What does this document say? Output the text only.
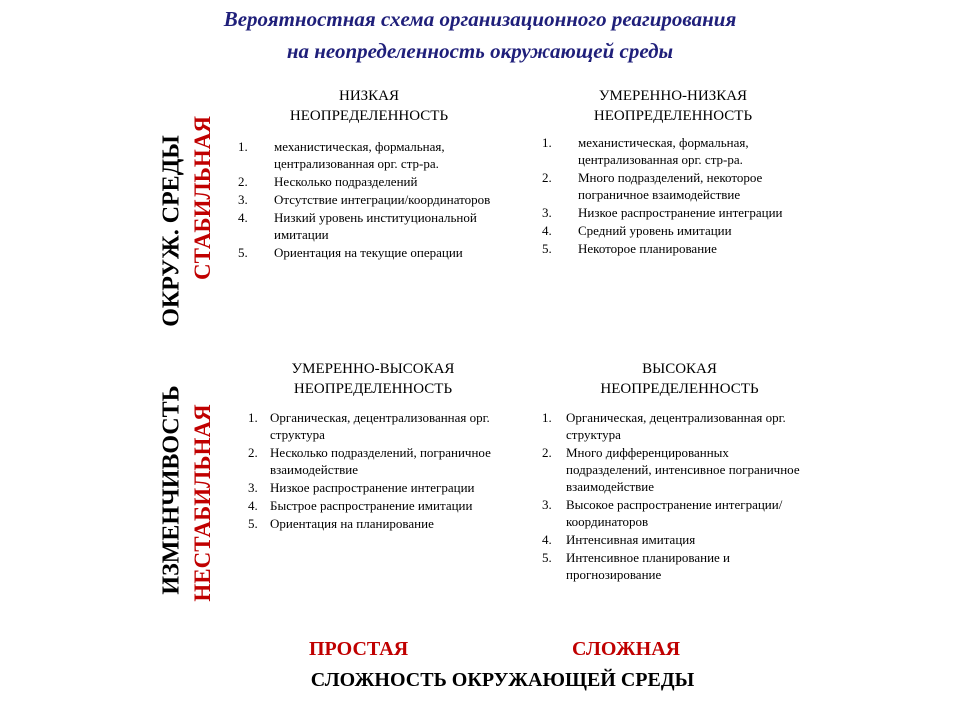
Вероятностная схема организационного реагирования
на неопределенность окружающей среды
ИЗМЕНЧИВОСТЬ
ОКРУЖ. СРЕДЫ СТАБИЛЬНАЯ
НЕСТАБИЛЬНАЯ
НИЗКАЯ
НЕОПРЕДЕЛЕННОСТЬ
1. механистическая, формальная, централизованная орг. стр-ра.
2. Несколько подразделений
3. Отсутствие интеграции/координаторов
4. Низкий уровень институциональной имитации
5. Ориентация на текущие операции
УМЕРЕННО-НИЗКАЯ
НЕОПРЕДЕЛЕННОСТЬ
1. механистическая, формальная, централизованная орг. стр-ра.
2. Много подразделений, некоторое пограничное взаимодействие
3. Низкое распространение интеграции
4. Средний уровень имитации
5. Некоторое планирование
УМЕРЕННО-ВЫСОКАЯ
НЕОПРЕДЕЛЕННОСТЬ
1. Органическая, децентрализованная орг. структура
2. Несколько подразделений, пограничное взаимодействие
3. Низкое распространение интеграции
4. Быстрое распространение имитации
5. Ориентация на планирование
ВЫСОКАЯ
НЕОПРЕДЕЛЕННОСТЬ
1. Органическая, децентрализованная орг. структура
2. Много дифференцированных подразделений, интенсивное пограничное взаимодействие
3. Высокое распространение интеграции/координаторов
4. Интенсивная имитация
5. Интенсивное планирование и прогнозирование
ПРОСТАЯ	СЛОЖНАЯ
СЛОЖНОСТЬ ОКРУЖАЮЩЕЙ СРЕДЫ
